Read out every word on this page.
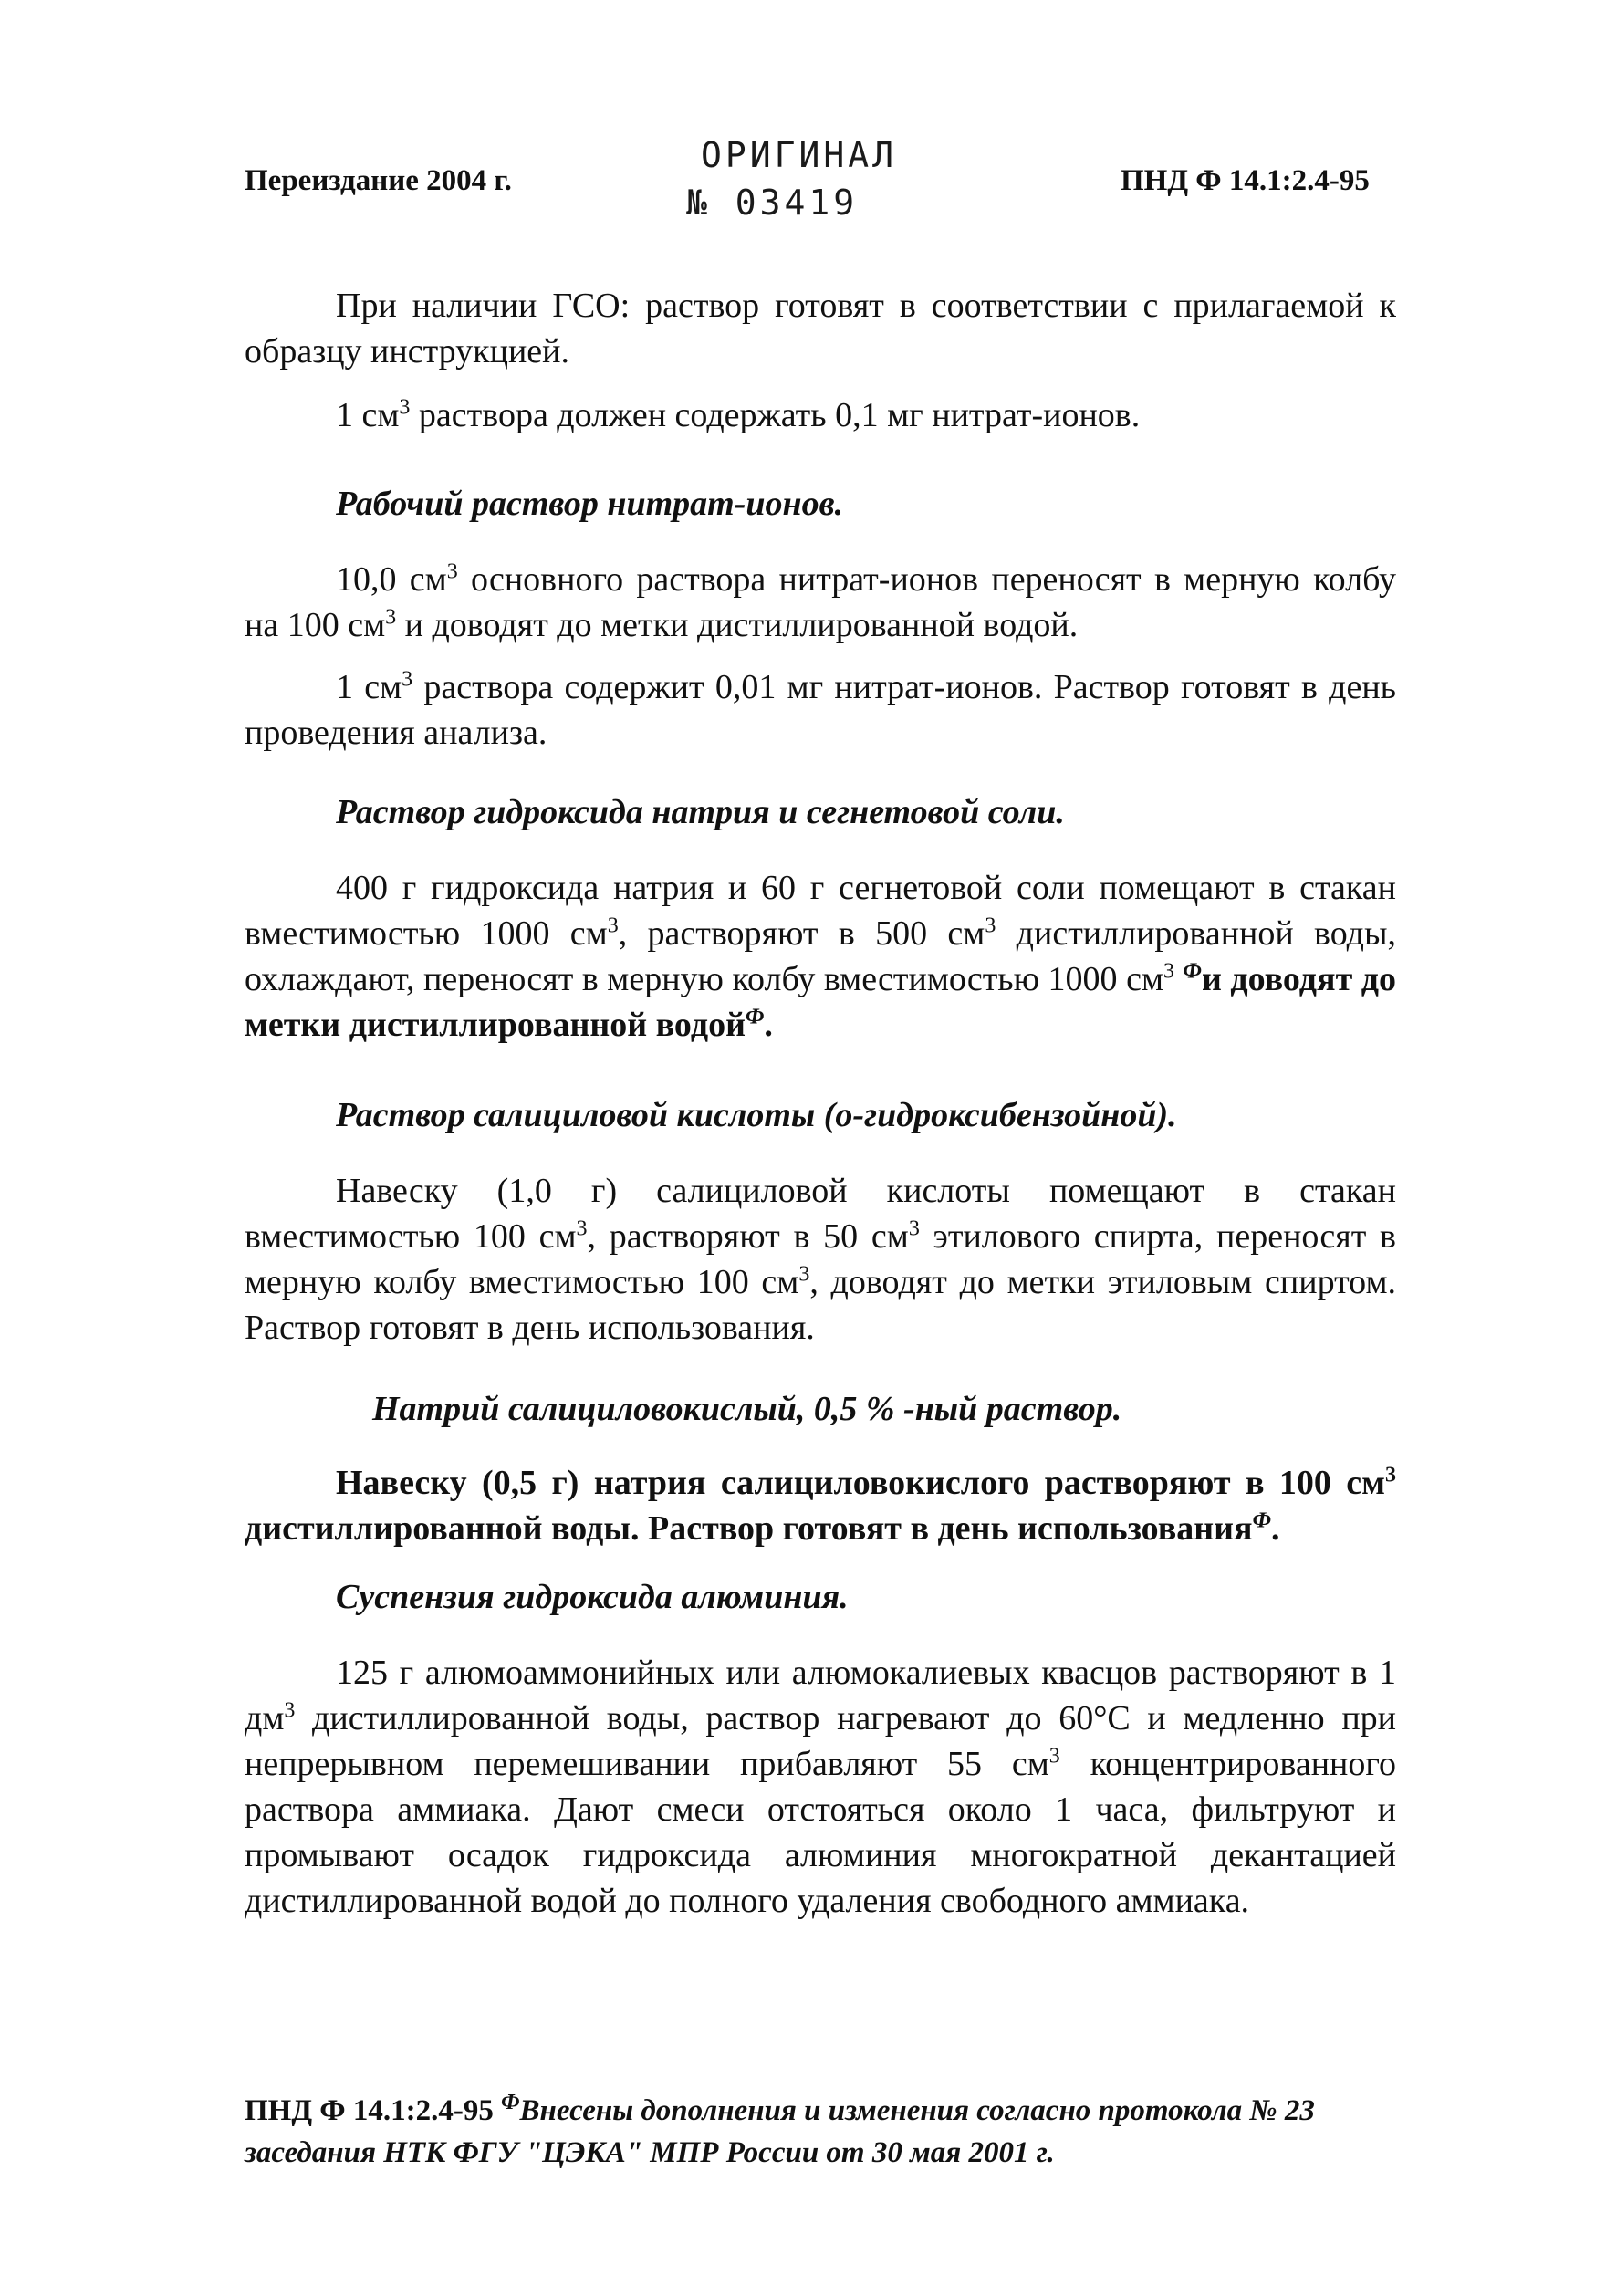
Переиздание 2004 г.
ОРИГИНАЛ
№ 03419
ПНД Ф 14.1:2.4-95
При наличии ГСО: раствор готовят в соответствии с прилагаемой к образцу инструкцией.
1 $см^3$ раствора должен содержать 0,1 мг нитрат-ионов.
Рабочий раствор нитрат-ионов.
10,0 $см^3$ основного раствора нитрат-ионов переносят в мерную колбу на 100 $см^3$ и доводят до метки дистиллированной водой.
1 $см^3$ раствора содержит 0,01 мг нитрат-ионов. Раствор готовят в день проведения анализа.
Раствор гидроксида натрия и сегнетовой соли.
400 г гидроксида натрия и 60 г сегнетовой соли помещают в стакан вместимостью 1000 $см^3$, растворяют в 500 $см^3$ дистиллированной воды, охлаждают, переносят в мерную колбу вместимостью 1000 $см^3$ $^Ф$и доводят до метки дистиллированной водой$^Ф$.
Раствор салициловой кислоты (о-гидроксибензойной).
Навеску (1,0 г) салициловой кислоты помещают в стакан вместимостью 100 $см^3$, растворяют в 50 $см^3$ этилового спирта, переносят в мерную колбу вместимостью 100 $см^3$, доводят до метки этиловым спиртом. Раствор готовят в день использования.
Натрий салициловокислый, 0,5 % -ный раствор.
Навеску (0,5 г) натрия салициловокислого растворяют в 100 $см^3$ дистиллированной воды. Раствор готовят в день использования$^Ф$.
Суспензия гидроксида алюминия.
125 г алюмоаммонийных или алюмокалиевых квасцов растворяют в 1 $дм^3$ дистиллированной воды, раствор нагревают до 60°С и медленно при непрерывном перемешивании прибавляют 55 $см^3$ концентрированного раствора аммиака. Дают смеси отстояться около 1 часа, фильтруют и промывают осадок гидроксида алюминия многократной декантацией дистиллированной водой до полного удаления свободного аммиака.
ПНД Ф 14.1:2.4-95 $^Ф$Внесены дополнения и изменения согласно протокола № 23 заседания НТК ФГУ "ЦЭКА" МПР России от 30 мая 2001 г.
